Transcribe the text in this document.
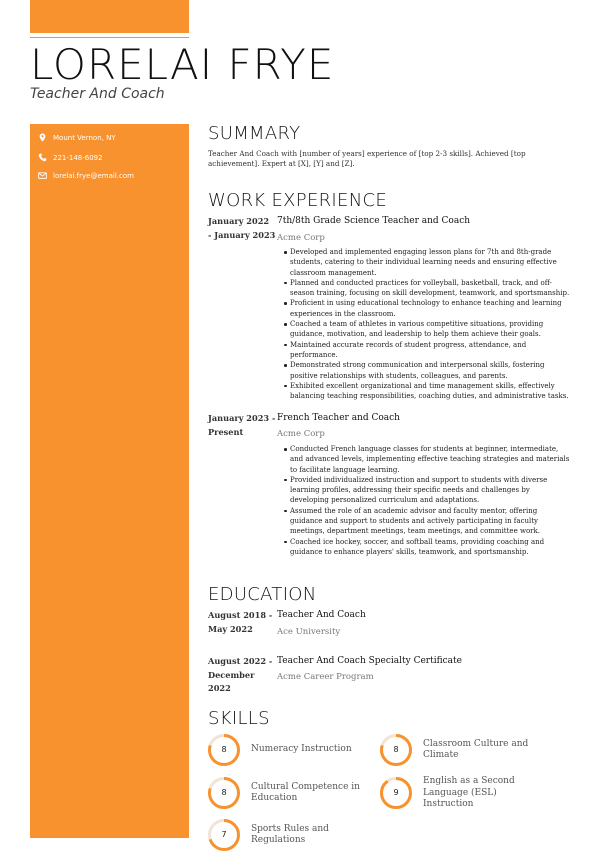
LORELAI FRYE
Teacher And Coach
Mount Vernon, NY
221-148-6092
lorelai.frye@email.com
SUMMARY
Teacher And Coach with [number of years] experience of [top 2-3 skills]. Achieved [top achievement]. Expert at [X], [Y] and [Z].
WORK EXPERIENCE
January 2022
- January 2023
7th/8th Grade Science Teacher and Coach
Acme Corp
Developed and implemented engaging lesson plans for 7th and 8th-grade students, catering to their individual learning needs and ensuring effective classroom management.
Planned and conducted practices for volleyball, basketball, track, and off-season training, focusing on skill development, teamwork, and sportsmanship.
Proficient in using educational technology to enhance teaching and learning experiences in the classroom.
Coached a team of athletes in various competitive situations, providing guidance, motivation, and leadership to help them achieve their goals.
Maintained accurate records of student progress, attendance, and performance.
Demonstrated strong communication and interpersonal skills, fostering positive relationships with students, colleagues, and parents.
Exhibited excellent organizational and time management skills, effectively balancing teaching responsibilities, coaching duties, and administrative tasks.
January 2023 -
Present
French Teacher and Coach
Acme Corp
Conducted French language classes for students at beginner, intermediate, and advanced levels, implementing effective teaching strategies and materials to facilitate language learning.
Provided individualized instruction and support to students with diverse learning profiles, addressing their specific needs and challenges by developing personalized curriculum and adaptations.
Assumed the role of an academic advisor and faculty mentor, offering guidance and support to students and actively participating in faculty meetings, department meetings, team meetings, and committee work.
Coached ice hockey, soccer, and softball teams, providing coaching and guidance to enhance players' skills, teamwork, and sportsmanship.
EDUCATION
August 2018 -
May 2022
Teacher And Coach
Ace University
August 2022 -
December 2022
Teacher And Coach Specialty Certificate
Acme Career Program
SKILLS
8	Numeracy Instruction	8
Classroom Culture and Climate
8
Cultural Competence in Education
9
English as a Second Language (ESL) Instruction
7
Sports Rules and Regulations
